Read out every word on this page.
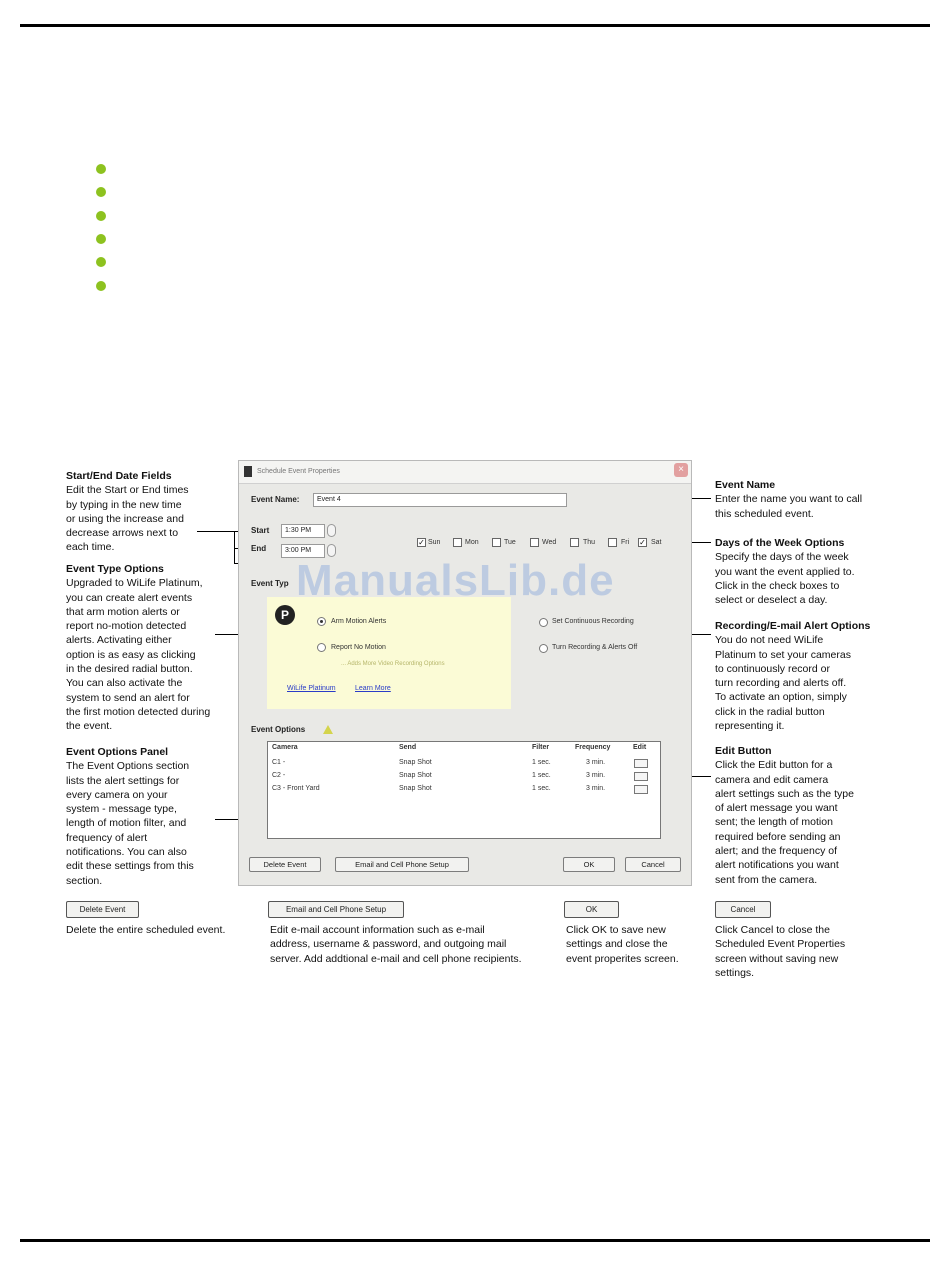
Start/End Date Fields
Edit the Start or End times
by typing in the new time
or using the increase and
decrease arrows next to
each time.
Event Type Options
Upgraded to WiLife Platinum,
you can create alert events
that arm motion alerts or
report no-motion detected
alerts. Activating either
option is as easy as clicking
in the desired radial button.
You can also activate the
system to send an alert for
the first motion detected during
the event.
Event Options Panel
The Event Options section
lists the alert settings for
every camera on your
system - message type,
length of motion filter, and
frequency of alert
notifications. You can also
edit these settings from this
section.
Event Name
Enter the name you want to call
this scheduled event.
Days of the Week Options
Specify the days of the week
you want the event applied to.
Click in the check boxes to
select or deselect a day.
Recording/E-mail Alert Options
You do not need WiLife
Platinum to set your cameras
to continuously record or
turn recording and alerts off.
To activate an option, simply
click in the radial button
representing it.
Edit Button
Click the Edit button for a
camera and edit camera
alert settings such as the type
of alert message you want
sent; the length of motion
required before sending an
alert; and the frequency of
alert notifications you want
sent from the camera.
Schedule Event Properties	×
Event Name:	Event 4
Start	1:30 PM
End	3:00 PM
✓ Sun	Mon	Tue	Wed	Thu	Fri ✓ Sat
Event Typ
P	Arm Motion Alerts
Report No Motion
... Adds More Video Recording Options
WiLife Platinum	Learn More
Set Continuous Recording
Turn Recording & Alerts Off
Event Options
Camera	Send	Filter	Frequency	Edit
C1 -	Snap Shot	1 sec.	3 min.
C2 -	Snap Shot	1 sec.	3 min.
C3 - Front Yard	Snap Shot	1 sec.	3 min.
Delete Event	Email and Cell Phone Setup	OK	Cancel
ManualsLib.de
Delete Event
Delete the entire scheduled event.
Email and Cell Phone Setup
Edit e-mail account information such as e-mail
address, username & password, and outgoing mail
server. Add addtional e-mail and cell phone recipients.
OK
Click OK to save new
settings and close the
event properites screen.
Cancel
Click Cancel to close the
Scheduled Event Properties
screen without saving new
settings.
